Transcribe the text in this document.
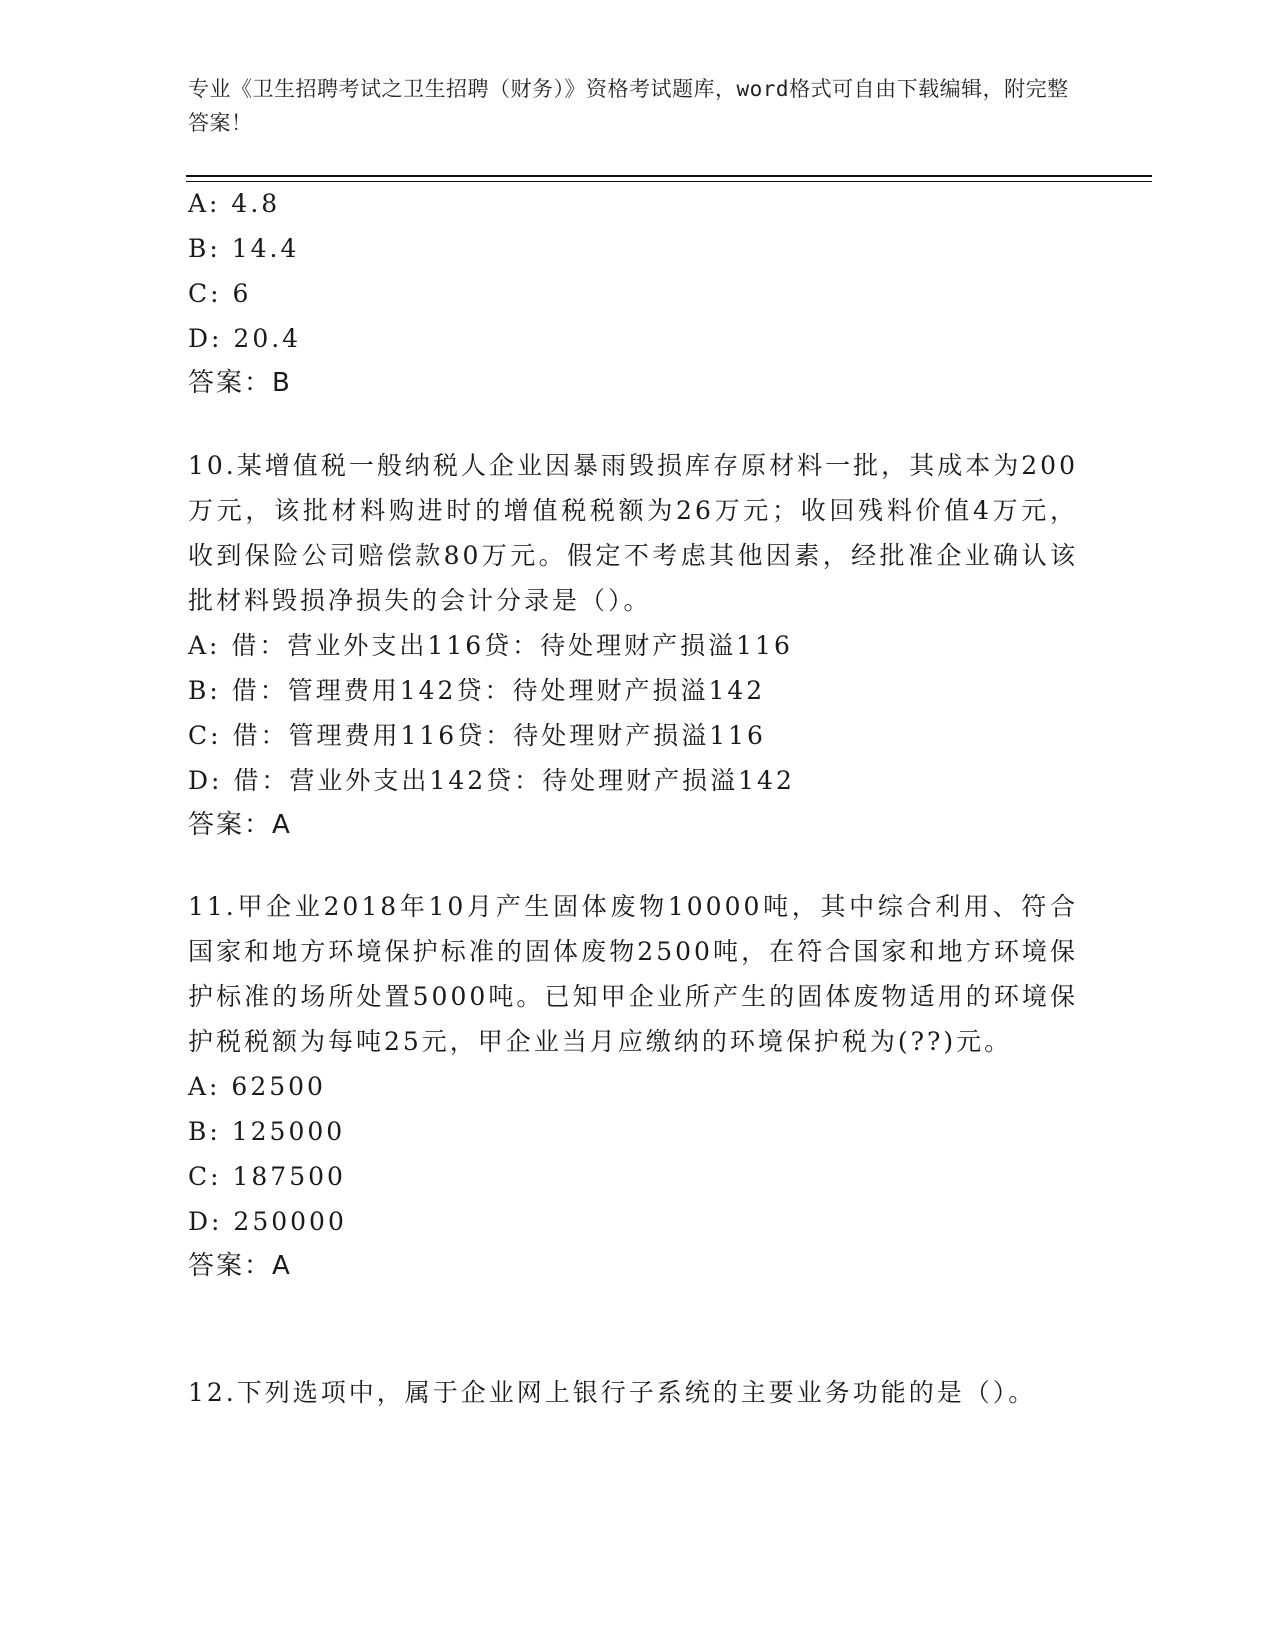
专业《卫生招聘考试之卫生招聘（财务）》资格考试题库，word格式可自由下载编辑，附完整答案！
A: 4.8
B: 14.4
C: 6
D: 20.4
答案：B
10.某增值税一般纳税人企业因暴雨毁损库存原材料一批，其成本为200万元，该批材料购进时的增值税税额为26万元；收回残料价值4万元，收到保险公司赔偿款80万元。假定不考虑其他因素，经批准企业确认该批材料毁损净损失的会计分录是（）。
A: 借：营业外支出116贷：待处理财产损溢116
B: 借：管理费用142贷：待处理财产损溢142
C: 借：管理费用116贷：待处理财产损溢116
D: 借：营业外支出142贷：待处理财产损溢142
答案：A
11.甲企业2018年10月产生固体废物10000吨，其中综合利用、符合国家和地方环境保护标准的固体废物2500吨，在符合国家和地方环境保护标准的场所处置5000吨。已知甲企业所产生的固体废物适用的环境保护税税额为每吨25元，甲企业当月应缴纳的环境保护税为(??)元。
A: 62500
B: 125000
C: 187500
D: 250000
答案：A
12.下列选项中，属于企业网上银行子系统的主要业务功能的是（）。
